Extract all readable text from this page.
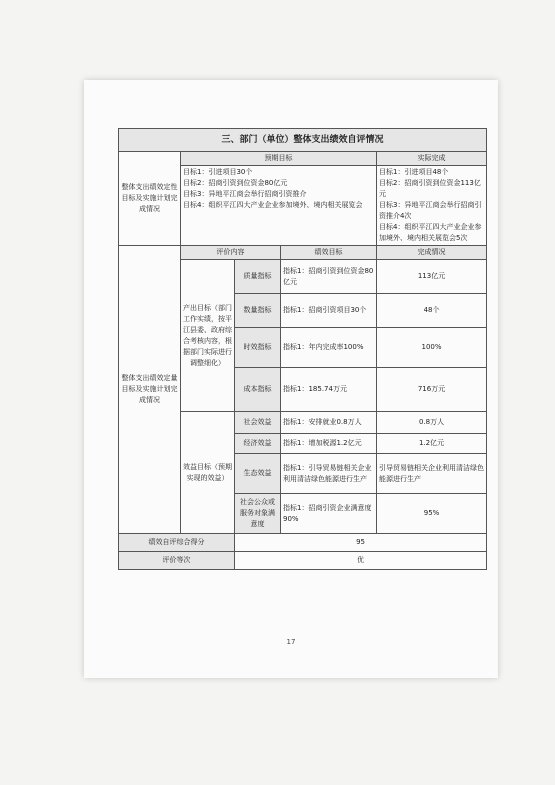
三、部门（单位）整体支出绩效自评情况				
整体支出绩效定性目标及实施计划完成情况	预期目标			实际完成
	目标1：引进项目30个
目标2：招商引资到位资金80亿元
目标3：异地平江商会举行招商引资推介
目标4：组织平江四大产业企业参加境外、境内相关展览会			目标1：引进项目48个
目标2：招商引资到位资金113亿元
目标3：异地平江商会举行招商引资推介4次
目标4：组织平江四大产业企业参加境外、境内相关展览会5次
整体支出绩效定量目标及实施计划完成情况	评价内容		绩效目标	完成情况
	产出目标（部门工作实绩，按平江县委、政府综合考核内容，根据部门实际进行调整细化）	质量指标	指标1：招商引资到位资金80亿元	113亿元
		数量指标	指标1：招商引资项目30个	48个
		时效指标	指标1：年内完成率100%	100%
		成本指标	指标1：185.74万元	716万元
	效益目标（预期实现的效益）	社会效益	指标1：安排就业0.8万人	0.8万人
		经济效益	指标1：增加税源1.2亿元	1.2亿元
		生态效益	指标1：引导贸易链相关企业利用清洁绿色能源进行生产	引导贸易链相关企业利用清洁绿色能源进行生产
		社会公众或服务对象满意度	指标1：招商引资企业满意度90%	95%
绩效自评综合得分		95		
评价等次		优		
17
